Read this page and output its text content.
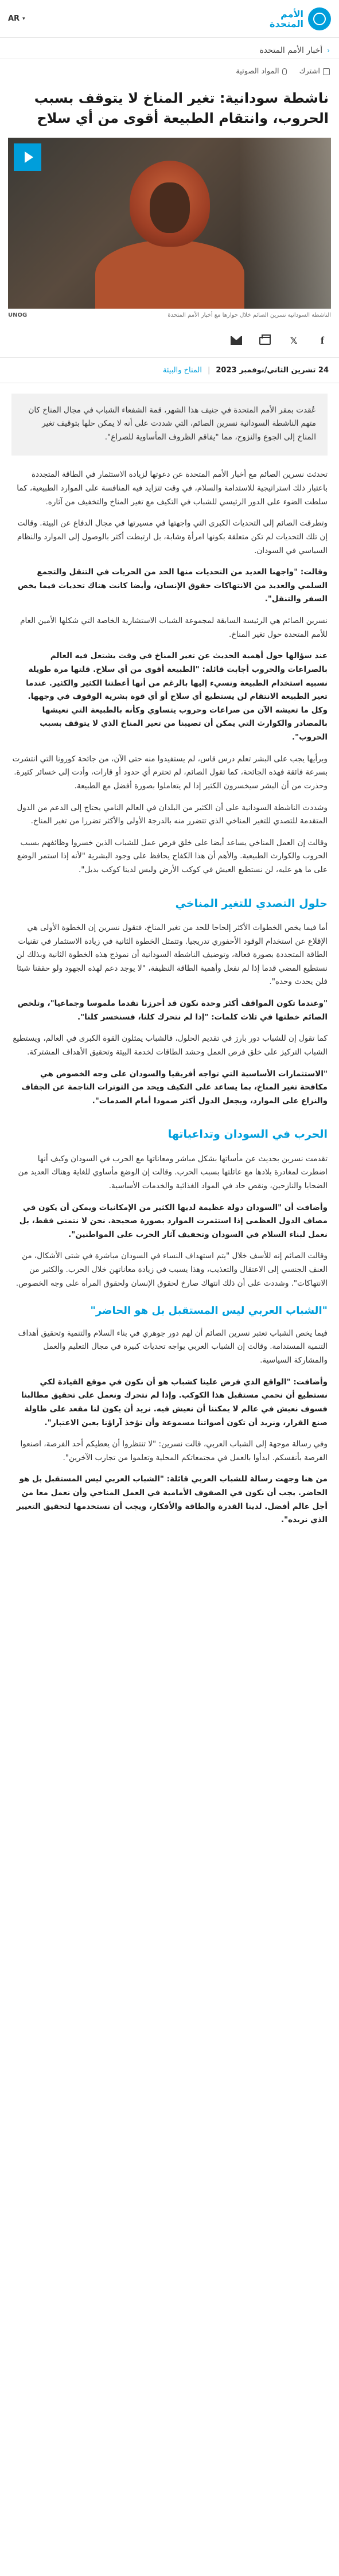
الأمم
المتحدة
AR ▾
‹
أخبار الأمم المتحدة
اشترك
المواد الصوتية
ناشطة سودانية: تغير المناخ لا يتوقف بسبب الحروب، وانتقام الطبيعة أقوى من أي سلاح
الناشطة السودانية نسرين الصائم خلال حوارها مع أخبار الأمم المتحدة
UNOG
f
𝕏
24 تشرين الثاني/نوفمبر 2023
|
المناخ والبيئة
عُقدت بمقر الأمم المتحدة في جنيف هذا الشهر، قمة الشفعاء الشباب في مجال المناخ كان متهم الناشطة السودانية نسرين الصائم، التي شددت على أنه لا يمكن حلها بتوقيف تغير المناخ إلى الجوع والنزوح، مما "يفاقم الظروف المأساوية للصراع".

تحدثت نسرين الصائم مع أخبار الأمم المتحدة عن دعوتها لزيادة الاستثمار في الطاقة المتجددة باعتبار ذلك استراتيجية للاستدامة والسلام، في وقت تتزايد فيه المنافسة على الموارد الطبيعية، كما سلطت الضوء على الدور الرئيسي للشباب في التكيف مع تغير المناخ والتخفيف من آثاره.

وتطرقت الصائم إلى التحديات الكبرى التي واجهتها في مسيرتها في مجال الدفاع عن البيئة. وقالت إن تلك التحديات لم تكن متعلقة بكونها امرأة وشابة، بل ارتبطت أكثر بالوصول إلى الموارد والنظام السياسي في السودان.

وقالت: "واجهنا العديد من التحديات منها الحد من الحريات في التنقل والتجمع السلمي والعديد من الانتهاكات حقوق الإنسان، وأيضا كانت هناك تحديات فيما يخص السفر والتنقل".

نسرين الصائم هي الرئيسة السابقة لمجموعة الشباب الاستشارية الخاصة التي شكلها الأمين العام للأمم المتحدة حول تغير المناخ.

عند سؤالها حول أهمية الحديث عن تغير المناخ في وقت يشتعل فيه العالم بالصراعات والحروب أجابت قائلة: "الطبيعة أقوى من أي سلاح. قلتها مرة طويلة نسبيه استخدام الطبيعة ونسيء إليها بالرغم من أنها أعطتنا الكثير والكثير. عندما تغير الطبيعة الانتقام لن يستطيع أي سلاح أو أي قوة بشرية الوقوف في وجهها. وكل ما تعيشه الآن من صراعات وحروب يتساوي وكأنه بالطبيعة التي نعيشها بالمصادر والكوارث التي يمكن أن تصيبنا من تغير المناخ الذي لا يتوقف بسبب الحروب".

وبرأيها يجب على البشر تعلم درس قاس، لم يستفيدوا منه حتى الآن، من جائحة كورونا التي انتشرت بسرعة فائقة فهذه الجائحة، كما تقول الصائم، لم تحترم أي حدود أو قارات، وأدت إلى خسائر كثيرة. وحذرت من أن البشر سيخسرون الكثير إذا لم يتعاملوا بصورة أفضل مع الطبيعة.

وشددت الناشطة السودانية على أن الكثير من البلدان في العالم النامي يحتاج إلى الدعم من الدول المتقدمة للتصدي للتغير المناخي الذي تتضرر منه بالدرجة الأولى والأكثر تضررا من تغير المناخ.

وقالت إن العمل المناخي يساعد أيضا على خلق فرص عمل للشباب الذين خسروا وظائفهم بسبب الحروب والكوارث الطبيعية. والأهم أن هذا الكفاح يحافظ على وجود البشرية "لأنه إذا استمر الوضع على ما هو عليه، لن نستطيع العيش في كوكب الأرض وليس لدينا كوكب بديل".

حلول التصدي للتغير المناخي

أما فيما يخص الخطوات الأكثر إلحاحا للحد من تغير المناخ، فتقول نسرين إن الخطوة الأولى هي الإقلاع عن استخدام الوقود الأحفوري تدريجيا. وتتمثل الخطوة الثانية في زيادة الاستثمار في تقنيات الطاقة المتجددة بصورة فعالة، وتوضيف الناشطة السودانية أن نموذج هذه الخطوة الثانية وبذلك لن نستطيع المضي قدما إذا لم نفعل وأهمية الطاقة النظيفة، "لا يوجد دعم لهذه الجهود ولو حققنا شيئا فلن يحدث وحده".

"وعندما تكون المواقف أكثر وحدة نكون قد أحرزنا تقدما ملموسا وجماعيا"، وتلخص الصائم خطتها في ثلاث كلمات: "إذا لم نتحرك كلنا، فسنخسر كلنا".

كما تقول إن للشباب دور بارز في تقديم الحلول، فالشباب يمثلون القوة الكبرى في العالم، ويستطيع الشباب التركيز على خلق فرص العمل وحشد الطاقات لخدمة البيئة وتحقيق الأهداف المشتركة.

"الاستثمارات الأساسية التي تواجه أفريقيا والسودان على وجه الخصوص هي مكافحة تغير المناخ، بما يساعد على التكيف ويحد من التوترات الناجمة عن الجفاف والنزاع على الموارد، ويجعل الدول أكثر صمودا أمام الصدمات".

الحرب في السودان وتداعياتها

تقدمت نسرين بحديث عن مأساتها بشكل مباشر ومعاناتها مع الحرب في السودان وكيف أنها اضطرت لمغادرة بلادها مع عائلتها بسبب الحرب. وقالت إن الوضع مأساوي للغاية وهناك العديد من الضحايا والنازحين، ونقص حاد في المواد الغذائية والخدمات الأساسية.

وأضافت أن "السودان دولة عظيمة لديها الكثير من الإمكانيات ويمكن أن يكون في مصاف الدول العظمى إذا استثمرت الموارد بصورة صحيحة. نحن لا نتمنى فقط، بل نعمل لبناء السلام في السودان وتخفيف آثار الحرب على المواطنين".

وقالت الصائم إنه للأسف خلال "يتم استهداف النساء في السودان مباشرة في شتى الأشكال، من العنف الجنسي إلى الاعتقال والتعذيب، وهذا يسبب في زيادة معاناتهن خلال الحرب. والكثير من الانتهاكات". وشددت على أن ذلك انتهاك صارخ لحقوق الإنسان ولحقوق المرأة على وجه الخصوص.

"الشباب العربي ليس المستقبل بل هو الحاضر"

فيما يخص الشباب تعتبر نسرين الصائم أن لهم دور جوهري في بناء السلام والتنمية وتحقيق أهداف التنمية المستدامة. وقالت إن الشباب العربي يواجه تحديات كبيرة في مجال التعليم والعمل والمشاركة السياسية.

وأضافت: "الواقع الذي فرض علينا كشباب هو أن نكون في موقع القيادة لكي نستطيع أن نحمي مستقبل هذا الكوكب. وإذا لم نتحرك ونعمل على تحقيق مطالبنا فسوف نعيش في عالم لا يمكننا أن نعيش فيه. نريد أن يكون لنا مقعد على طاولة صنع القرار، ونريد أن تكون أصواتنا مسموعة وأن تؤخذ آراؤنا بعين الاعتبار".

وفي رسالة موجهة إلى الشباب العربي، قالت نسرين: "لا تنتظروا أن يعطيكم أحد الفرصة، اصنعوا الفرصة بأنفسكم. ابدأوا بالعمل في مجتمعاتكم المحلية وتعلموا من تجارب الآخرين".

من هنا وجهت رسالة للشباب العربي قائلة: "الشباب العربي ليس المستقبل بل هو الحاضر. يجب أن نكون في الصفوف الأمامية في العمل المناخي وأن نعمل معا من أجل عالم أفضل. لدينا القدرة والطاقة والأفكار، ويجب أن نستخدمها لتحقيق التغيير الذي نريده".
